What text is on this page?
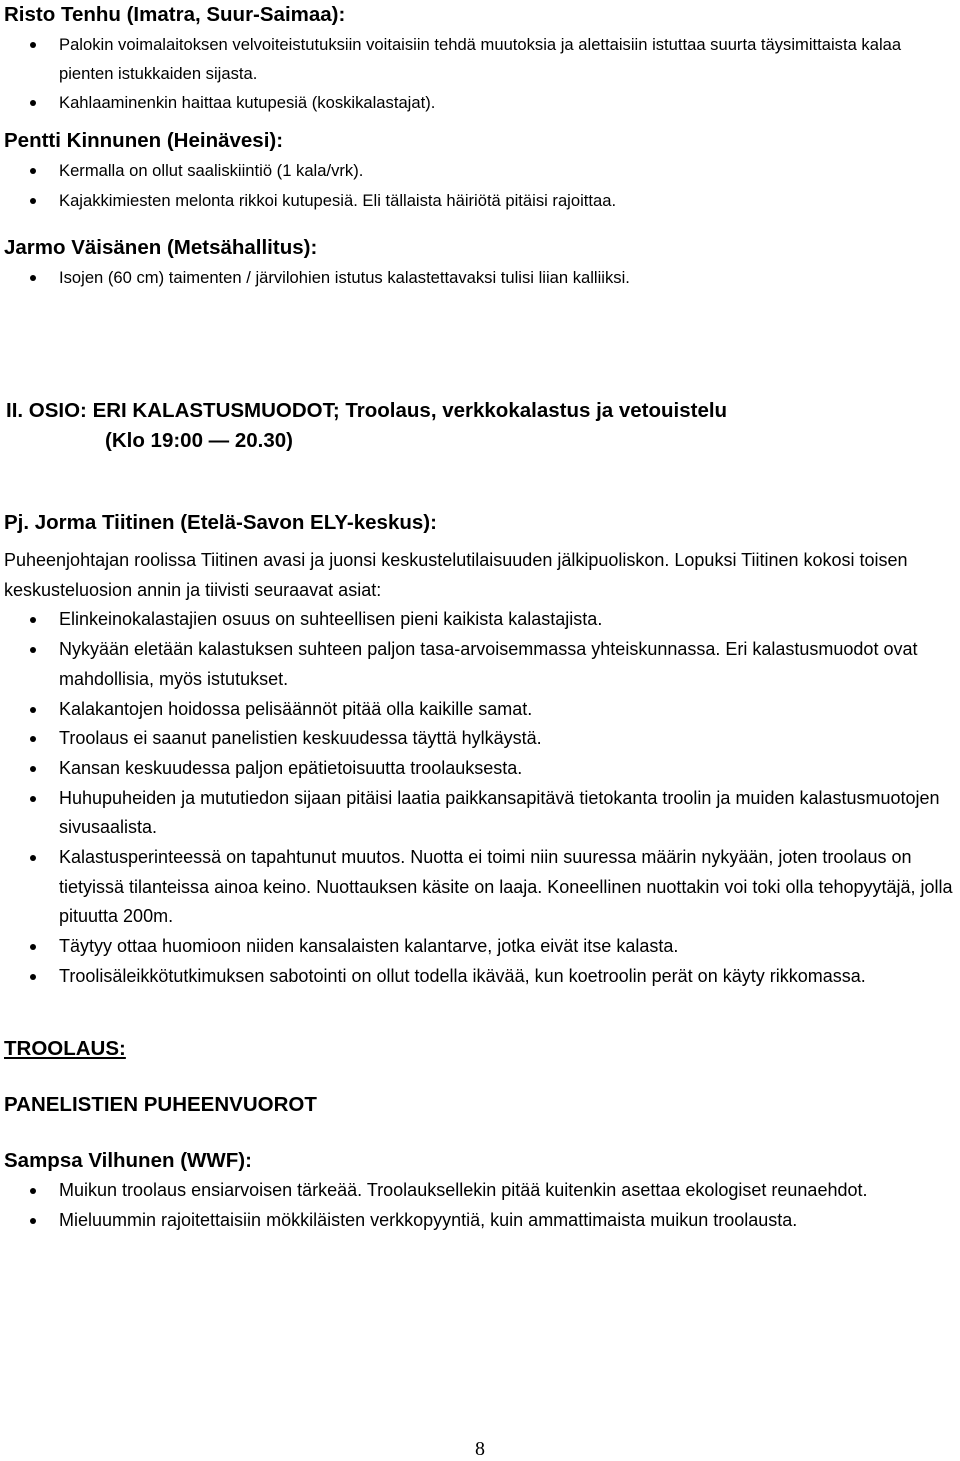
Risto Tenhu (Imatra, Suur-Saimaa):

Palokin voimalaitoksen velvoiteistutuksiin voitaisiin tehdä muutoksia ja alettaisiin istuttaa suurta täysimittaista kalaa pienten istukkaiden sijasta.
Kahlaaminenkin haittaa kutupesiä (koskikalastajat).

Pentti Kinnunen (Heinävesi):

Kermalla on ollut saaliskiintiö (1 kala/vrk).
Kajakkimiesten melonta rikkoi kutupesiä. Eli tällaista häiriötä pitäisi rajoittaa.

Jarmo Väisänen (Metsähallitus):

Isojen (60 cm) taimenten / järvilohien istutus kalastettavaksi tulisi liian kalliiksi.
II. OSIO: ERI KALASTUSMUODOT; Troolaus, verkkokalastus ja vetouistelu
(Klo 19:00 — 20.30)

Pj. Jorma Tiitinen (Etelä-Savon ELY-keskus):

Puheenjohtajan roolissa Tiitinen avasi ja juonsi keskustelutilaisuuden jälkipuoliskon. Lopuksi Tiitinen kokosi toisen keskusteluosion annin ja tiivisti seuraavat asiat:

Elinkeinokalastajien osuus on suhteellisen pieni kaikista kalastajista.
Nykyään eletään kalastuksen suhteen paljon tasa-arvoisemmassa yhteiskunnassa. Eri kalastusmuodot ovat mahdollisia, myös istutukset.
Kalakantojen hoidossa pelisäännöt pitää olla kaikille samat.
Troolaus ei saanut panelistien keskuudessa täyttä hylkäystä.
Kansan keskuudessa paljon epätietoisuutta troolauksesta.
Huhupuheiden ja mututiedon sijaan pitäisi laatia paikkansapitävä tietokanta troolin ja muiden kalastusmuotojen sivusaalista.
Kalastusperinteessä on tapahtunut muutos. Nuotta ei toimi niin suuressa määrin nykyään, joten troolaus on tietyissä tilanteissa ainoa keino. Nuottauksen käsite on laaja. Koneellinen nuottakin voi toki olla tehopyytäjä, jolla pituutta 200m.
Täytyy ottaa huomioon niiden kansalaisten kalantarve, jotka eivät itse kalasta.
Troolisäleikkötutkimuksen sabotointi on ollut todella ikävää, kun koetroolin perät on käyty rikkomassa.

TROOLAUS:

PANELISTIEN PUHEENVUOROT

Sampsa Vilhunen (WWF):

Muikun troolaus ensiarvoisen tärkeää. Troolauksellekin pitää kuitenkin asettaa ekologiset reunaehdot.
Mieluummin rajoitettaisiin mökkiläisten verkkopyyntiä, kuin ammattimaista muikun troolausta.
8
